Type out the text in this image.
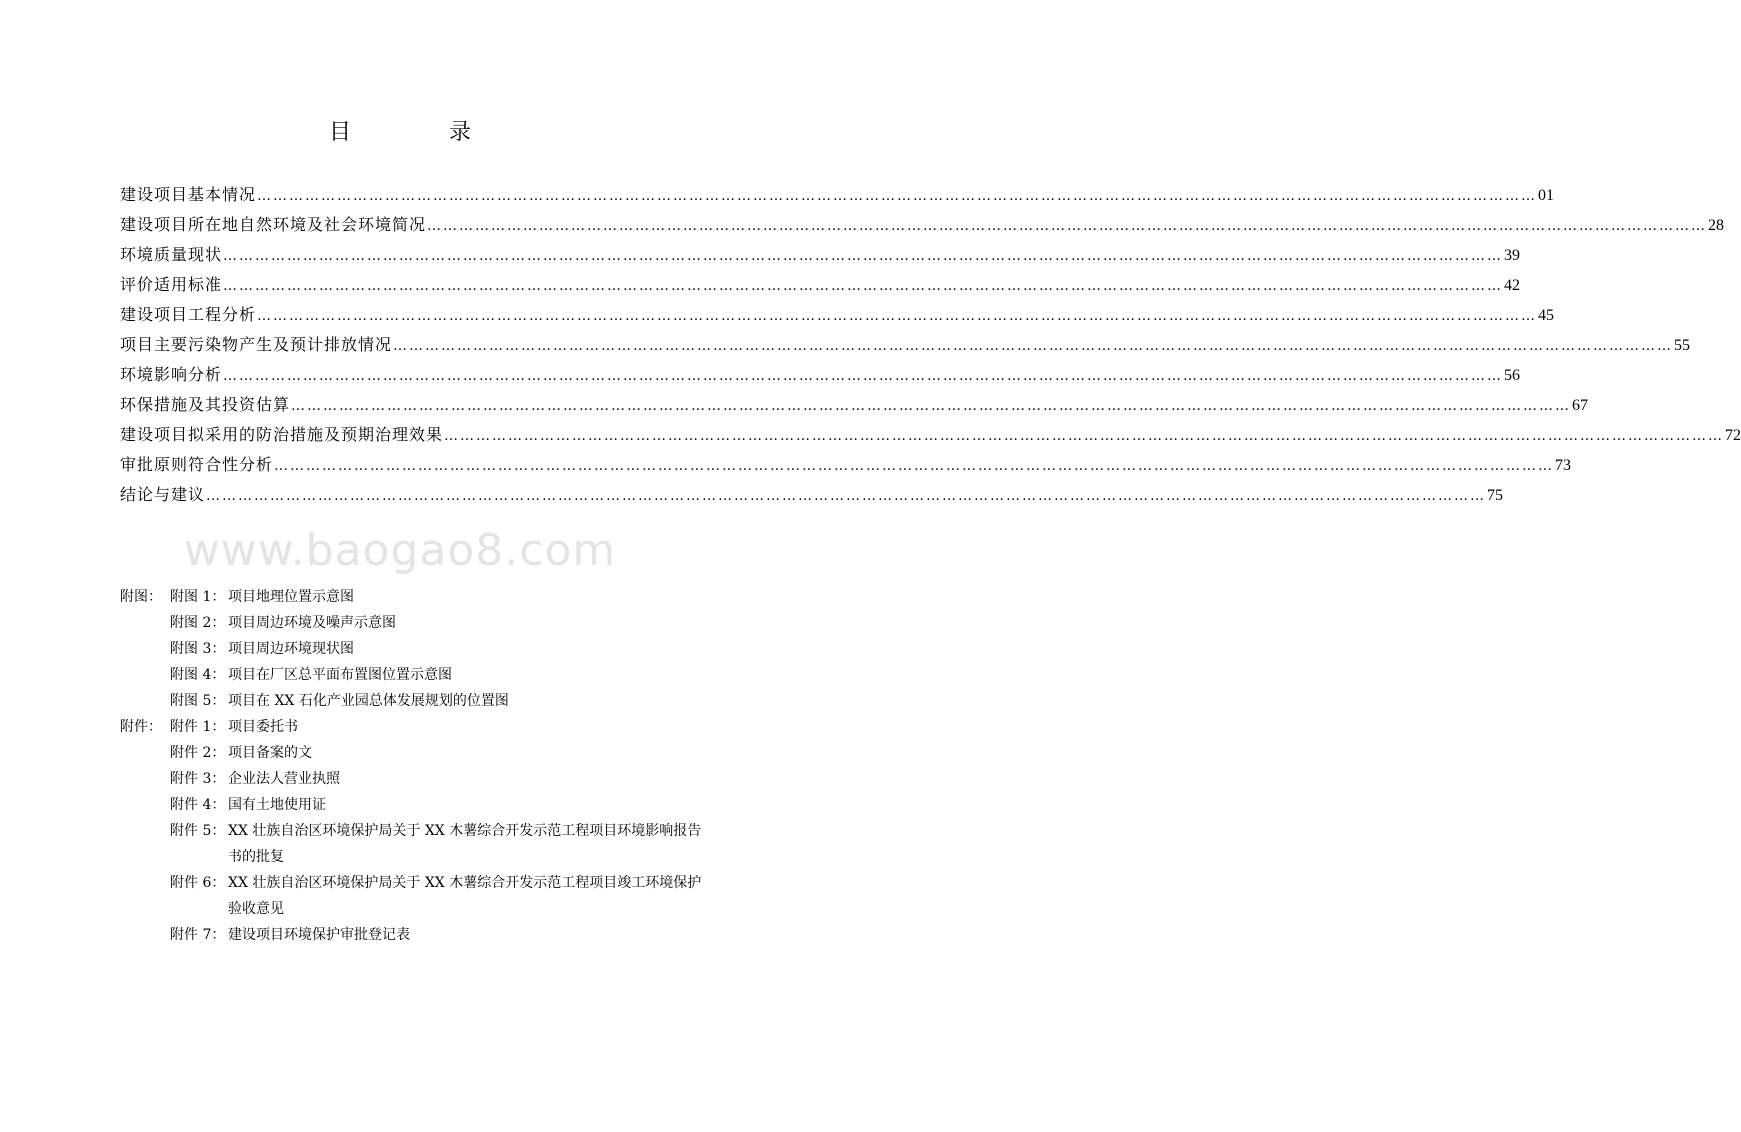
目　录
建设项目基本情况 …………………………………………………………………………………………………………………………………………………………………………………………………………………… 01
建设项目所在地自然环境及社会环境简况 …………………………………………………………………………………………………………………………………………………………………………………………………………………… 28
环境质量现状 …………………………………………………………………………………………………………………………………………………………………………………………………………………… 39
评价适用标准 …………………………………………………………………………………………………………………………………………………………………………………………………………………… 42
建设项目工程分析 …………………………………………………………………………………………………………………………………………………………………………………………………………………… 45
项目主要污染物产生及预计排放情况 …………………………………………………………………………………………………………………………………………………………………………………………………………………… 55
环境影响分析 …………………………………………………………………………………………………………………………………………………………………………………………………………………… 56
环保措施及其投资估算 …………………………………………………………………………………………………………………………………………………………………………………………………………………… 67
建设项目拟采用的防治措施及预期治理效果 …………………………………………………………………………………………………………………………………………………………………………………………………………………… 72
审批原则符合性分析 …………………………………………………………………………………………………………………………………………………………………………………………………………………… 73
结论与建议 …………………………………………………………………………………………………………………………………………………………………………………………………………………… 75
www.baogao8.com
附图： 附图 1： 项目地理位置示意图
附图 2： 项目周边环境及噪声示意图
附图 3： 项目周边环境现状图
附图 4： 项目在厂区总平面布置图位置示意图
附图 5： 项目在 XX 石化产业园总体发展规划的位置图
附件： 附件 1： 项目委托书
附件 2： 项目备案的文
附件 3： 企业法人营业执照
附件 4： 国有土地使用证
附件 5： XX 壮族自治区环境保护局关于 XX 木薯综合开发示范工程项目环境影响报告书的批复
附件 6： XX 壮族自治区环境保护局关于 XX 木薯综合开发示范工程项目竣工环境保护验收意见
附件 7： 建设项目环境保护审批登记表
